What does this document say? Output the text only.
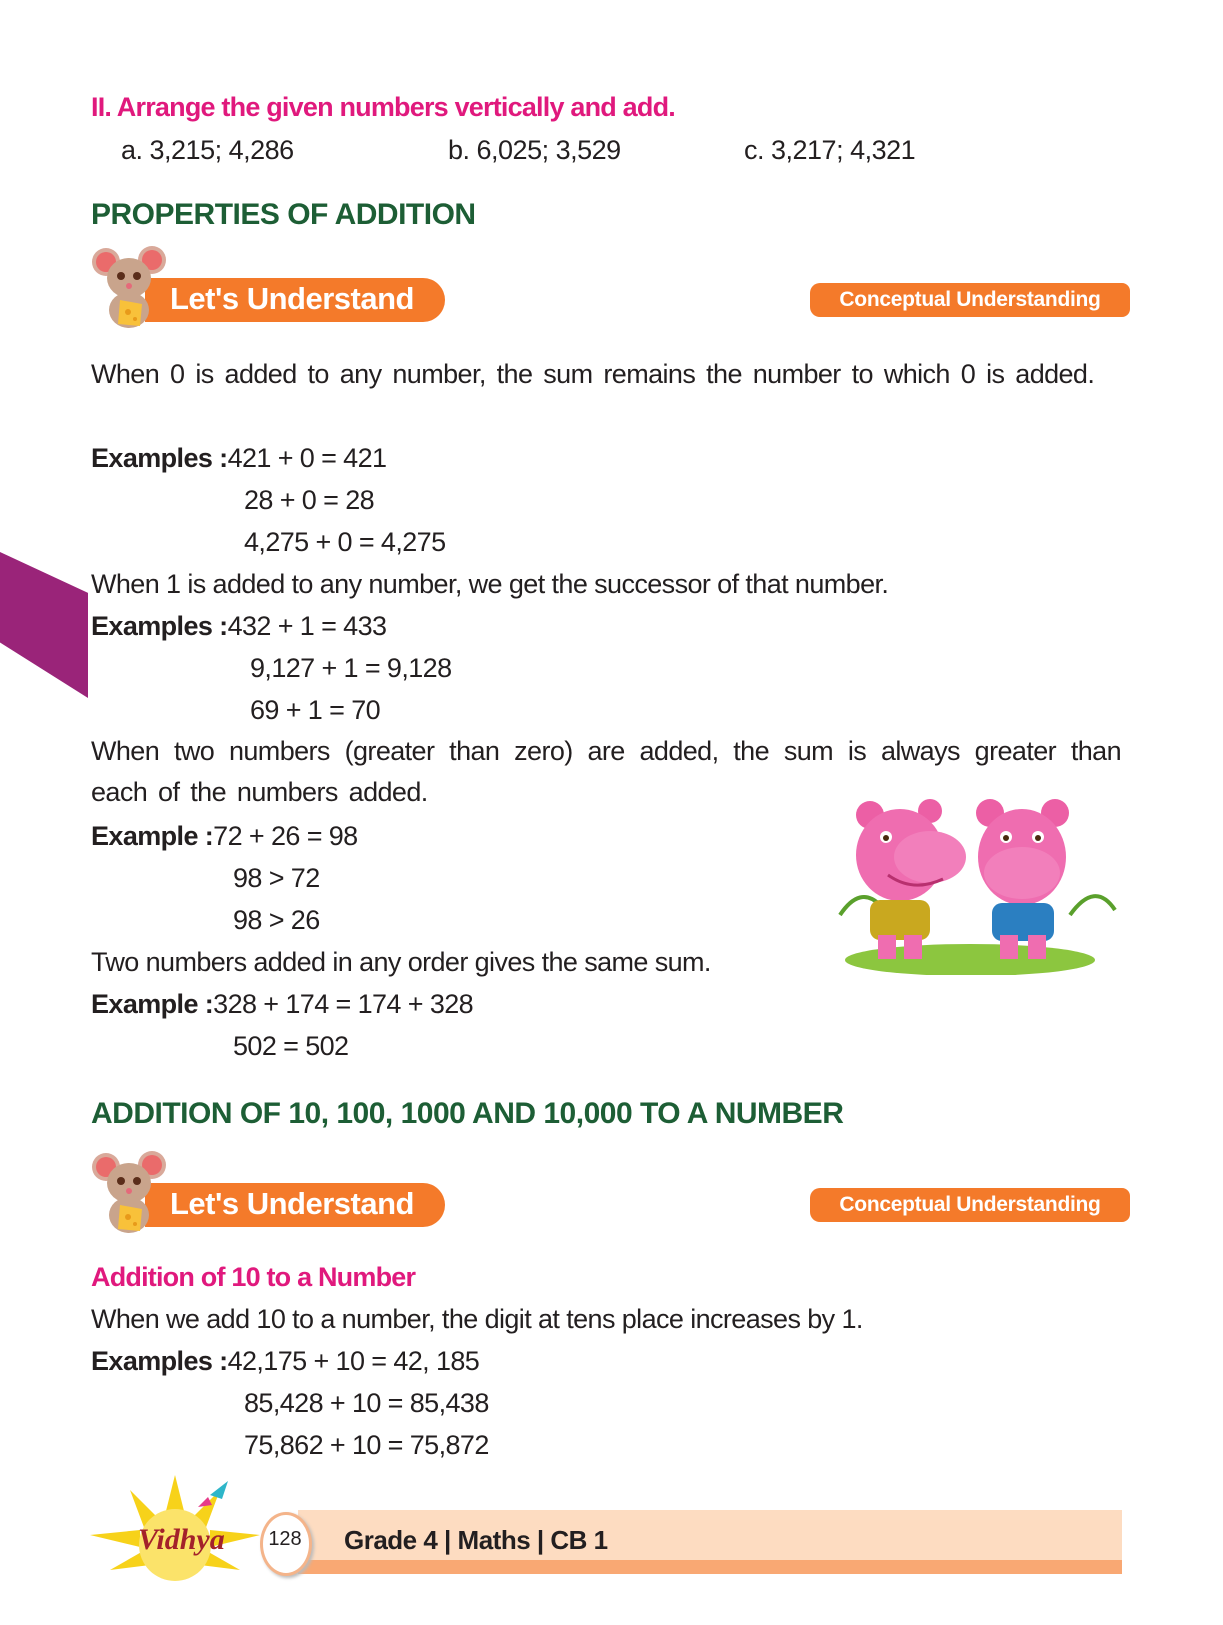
II. Arrange the given numbers vertically and add.
a. 3,215; 4,286	b. 6,025; 3,529	c. 3,217; 4,321
PROPERTIES OF ADDITION
Let's Understand	Conceptual Understanding
When 0 is added to any number, the sum remains the number to which 0 is added.
Examples :421 + 0 = 421
28 + 0 = 28
4,275 + 0 = 4,275
When 1 is added to any number, we get the successor of that number.
Examples :432 + 1 = 433
9,127 + 1 = 9,128
69 + 1 = 70
When two numbers (greater than zero) are added, the sum is always greater than each of the numbers added.
Example :72 + 26 = 98
98 > 72
98 > 26
Two numbers added in any order gives the same sum.
Example :328 + 174 = 174 + 328
502 = 502
ADDITION OF 10, 100, 1000 AND 10,000 TO A NUMBER
Let's Understand	Conceptual Understanding
Addition of 10 to a Number
When we add 10 to a number, the digit at tens place increases by 1.
Examples :42,175 + 10 = 42, 185
85,428 + 10 = 85,438
75,862 + 10 = 75,872
Vidhya 128 Grade 4 | Maths | CB 1
